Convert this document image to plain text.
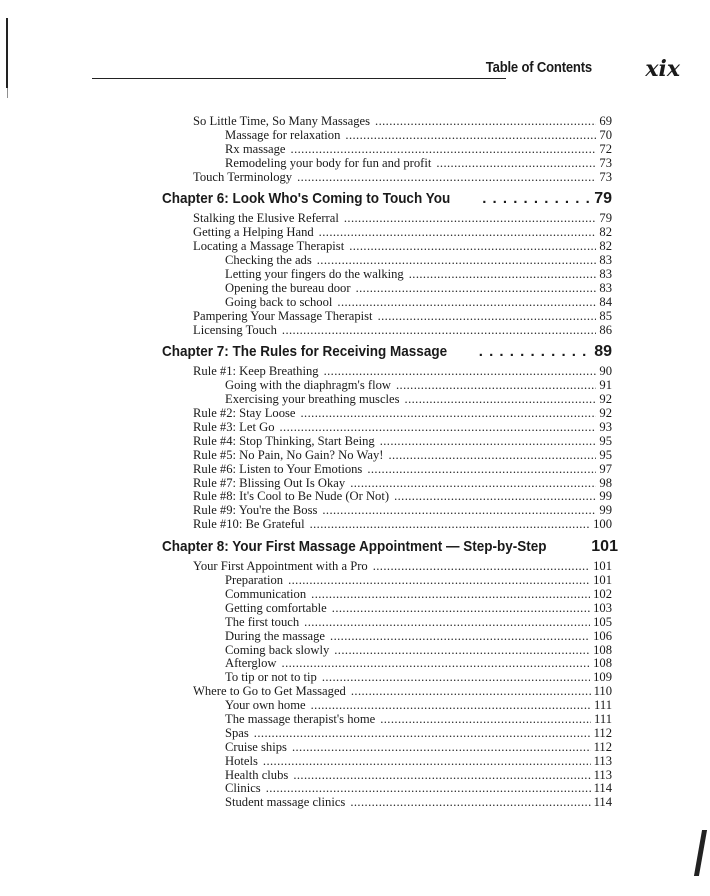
Table of Contents xix
So Little Time, So Many Massages .....	69
Massage for relaxation .....	70
Rx massage .....	72
Remodeling your body for fun and profit .....	73
Touch Terminology .....	73
Chapter 6: Look Who's Coming to Touch You . . .	79
Stalking the Elusive Referral .....	79
Getting a Helping Hand .....	82
Locating a Massage Therapist .....	82
Checking the ads .....	83
Letting your fingers do the walking .....	83
Opening the bureau door .....	83
Going back to school .....	84
Pampering Your Massage Therapist .....	85
Licensing Touch .....	86
Chapter 7: The Rules for Receiving Massage . . .	89
Rule #1: Keep Breathing .....	90
Going with the diaphragm's flow .....	91
Exercising your breathing muscles .....	92
Rule #2: Stay Loose .....	92
Rule #3: Let Go .....	93
Rule #4: Stop Thinking, Start Being .....	95
Rule #5: No Pain, No Gain? No Way! .....	95
Rule #6: Listen to Your Emotions .....	97
Rule #7: Blissing Out Is Okay .....	98
Rule #8: It's Cool to Be Nude (Or Not) .....	99
Rule #9: You're the Boss .....	99
Rule #10: Be Grateful .....	100
Chapter 8: Your First Massage Appointment — Step-by-Step	101
Your First Appointment with a Pro .....	101
Preparation .....	101
Communication .....	102
Getting comfortable .....	103
The first touch .....	105
During the massage .....	106
Coming back slowly .....	108
Afterglow .....	108
To tip or not to tip .....	109
Where to Go to Get Massaged .....	110
Your own home .....	111
The massage therapist's home .....	111
Spas .....	112
Cruise ships .....	112
Hotels .....	113
Health clubs .....	113
Clinics .....	114
Student massage clinics .....	114
